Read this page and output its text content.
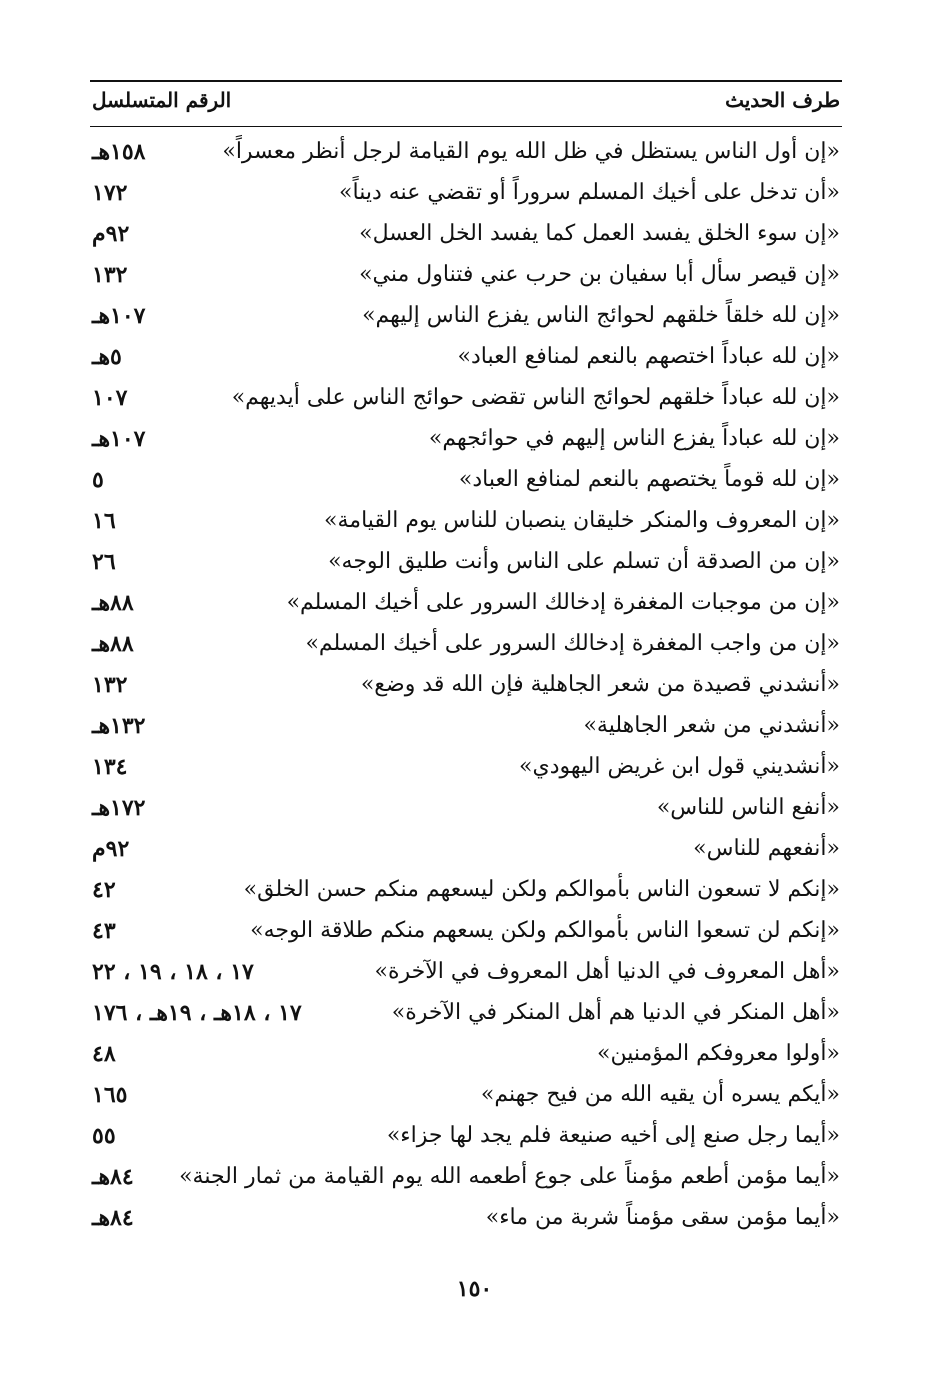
طرف الحديث
الرقم المتسلسل
«إن أول الناس يستظل في ظل الله يوم القيامة لرجل أنظر معسراً»
١٥٨هـ
«أن تدخل على أخيك المسلم سروراً أو تقضي عنه ديناً»
١٧٢
«إن سوء الخلق يفسد العمل كما يفسد الخل العسل»
٩٢م
«إن قيصر سأل أبا سفيان بن حرب عني فتناول مني»
١٣٢
«إن لله خلقاً خلقهم لحوائج الناس يفزع الناس إليهم»
١٠٧هـ
«إن لله عباداً اختصهم بالنعم لمنافع العباد»
٥هـ
«إن لله عباداً خلقهم لحوائج الناس تقضى حوائج الناس على أيديهم»
١٠٧
«إن لله عباداً يفزع الناس إليهم في حوائجهم»
١٠٧هـ
«إن لله قوماً يختصهم بالنعم لمنافع العباد»
٥
«إن المعروف والمنكر خليقان ينصبان للناس يوم القيامة»
١٦
«إن من الصدقة أن تسلم على الناس وأنت طليق الوجه»
٢٦
«إن من موجبات المغفرة إدخالك السرور على أخيك المسلم»
٨٨هـ
«إن من واجب المغفرة إدخالك السرور على أخيك المسلم»
٨٨هـ
«أنشدني قصيدة من شعر الجاهلية فإن الله قد وضع»
١٣٢
«أنشدني من شعر الجاهلية»
١٣٢هـ
«أنشديني قول ابن غريض اليهودي»
١٣٤
«أنفع الناس للناس»
١٧٢هـ
«أنفعهم للناس»
٩٢م
«إنكم لا تسعون الناس بأموالكم ولكن ليسعهم منكم حسن الخلق»
٤٢
«إنكم لن تسعوا الناس بأموالكم ولكن يسعهم منكم طلاقة الوجه»
٤٣
«أهل المعروف في الدنيا أهل المعروف في الآخرة»
١٧ ، ١٨ ، ١٩ ، ٢٢
«أهل المنكر في الدنيا هم أهل المنكر في الآخرة»
١٧ ، ١٨هـ ، ١٩هـ ، ١٧٦
«أولوا معروفكم المؤمنين»
٤٨
«أيكم يسره أن يقيه الله من فيح جهنم»
١٦٥
«أيما رجل صنع إلى أخيه صنيعة فلم يجد لها جزاء»
٥٥
«أيما مؤمن أطعم مؤمناً على جوع أطعمه الله يوم القيامة من ثمار الجنة»
٨٤هـ
«أيما مؤمن سقى مؤمناً شربة من ماء»
٨٤هـ
١٥٠
